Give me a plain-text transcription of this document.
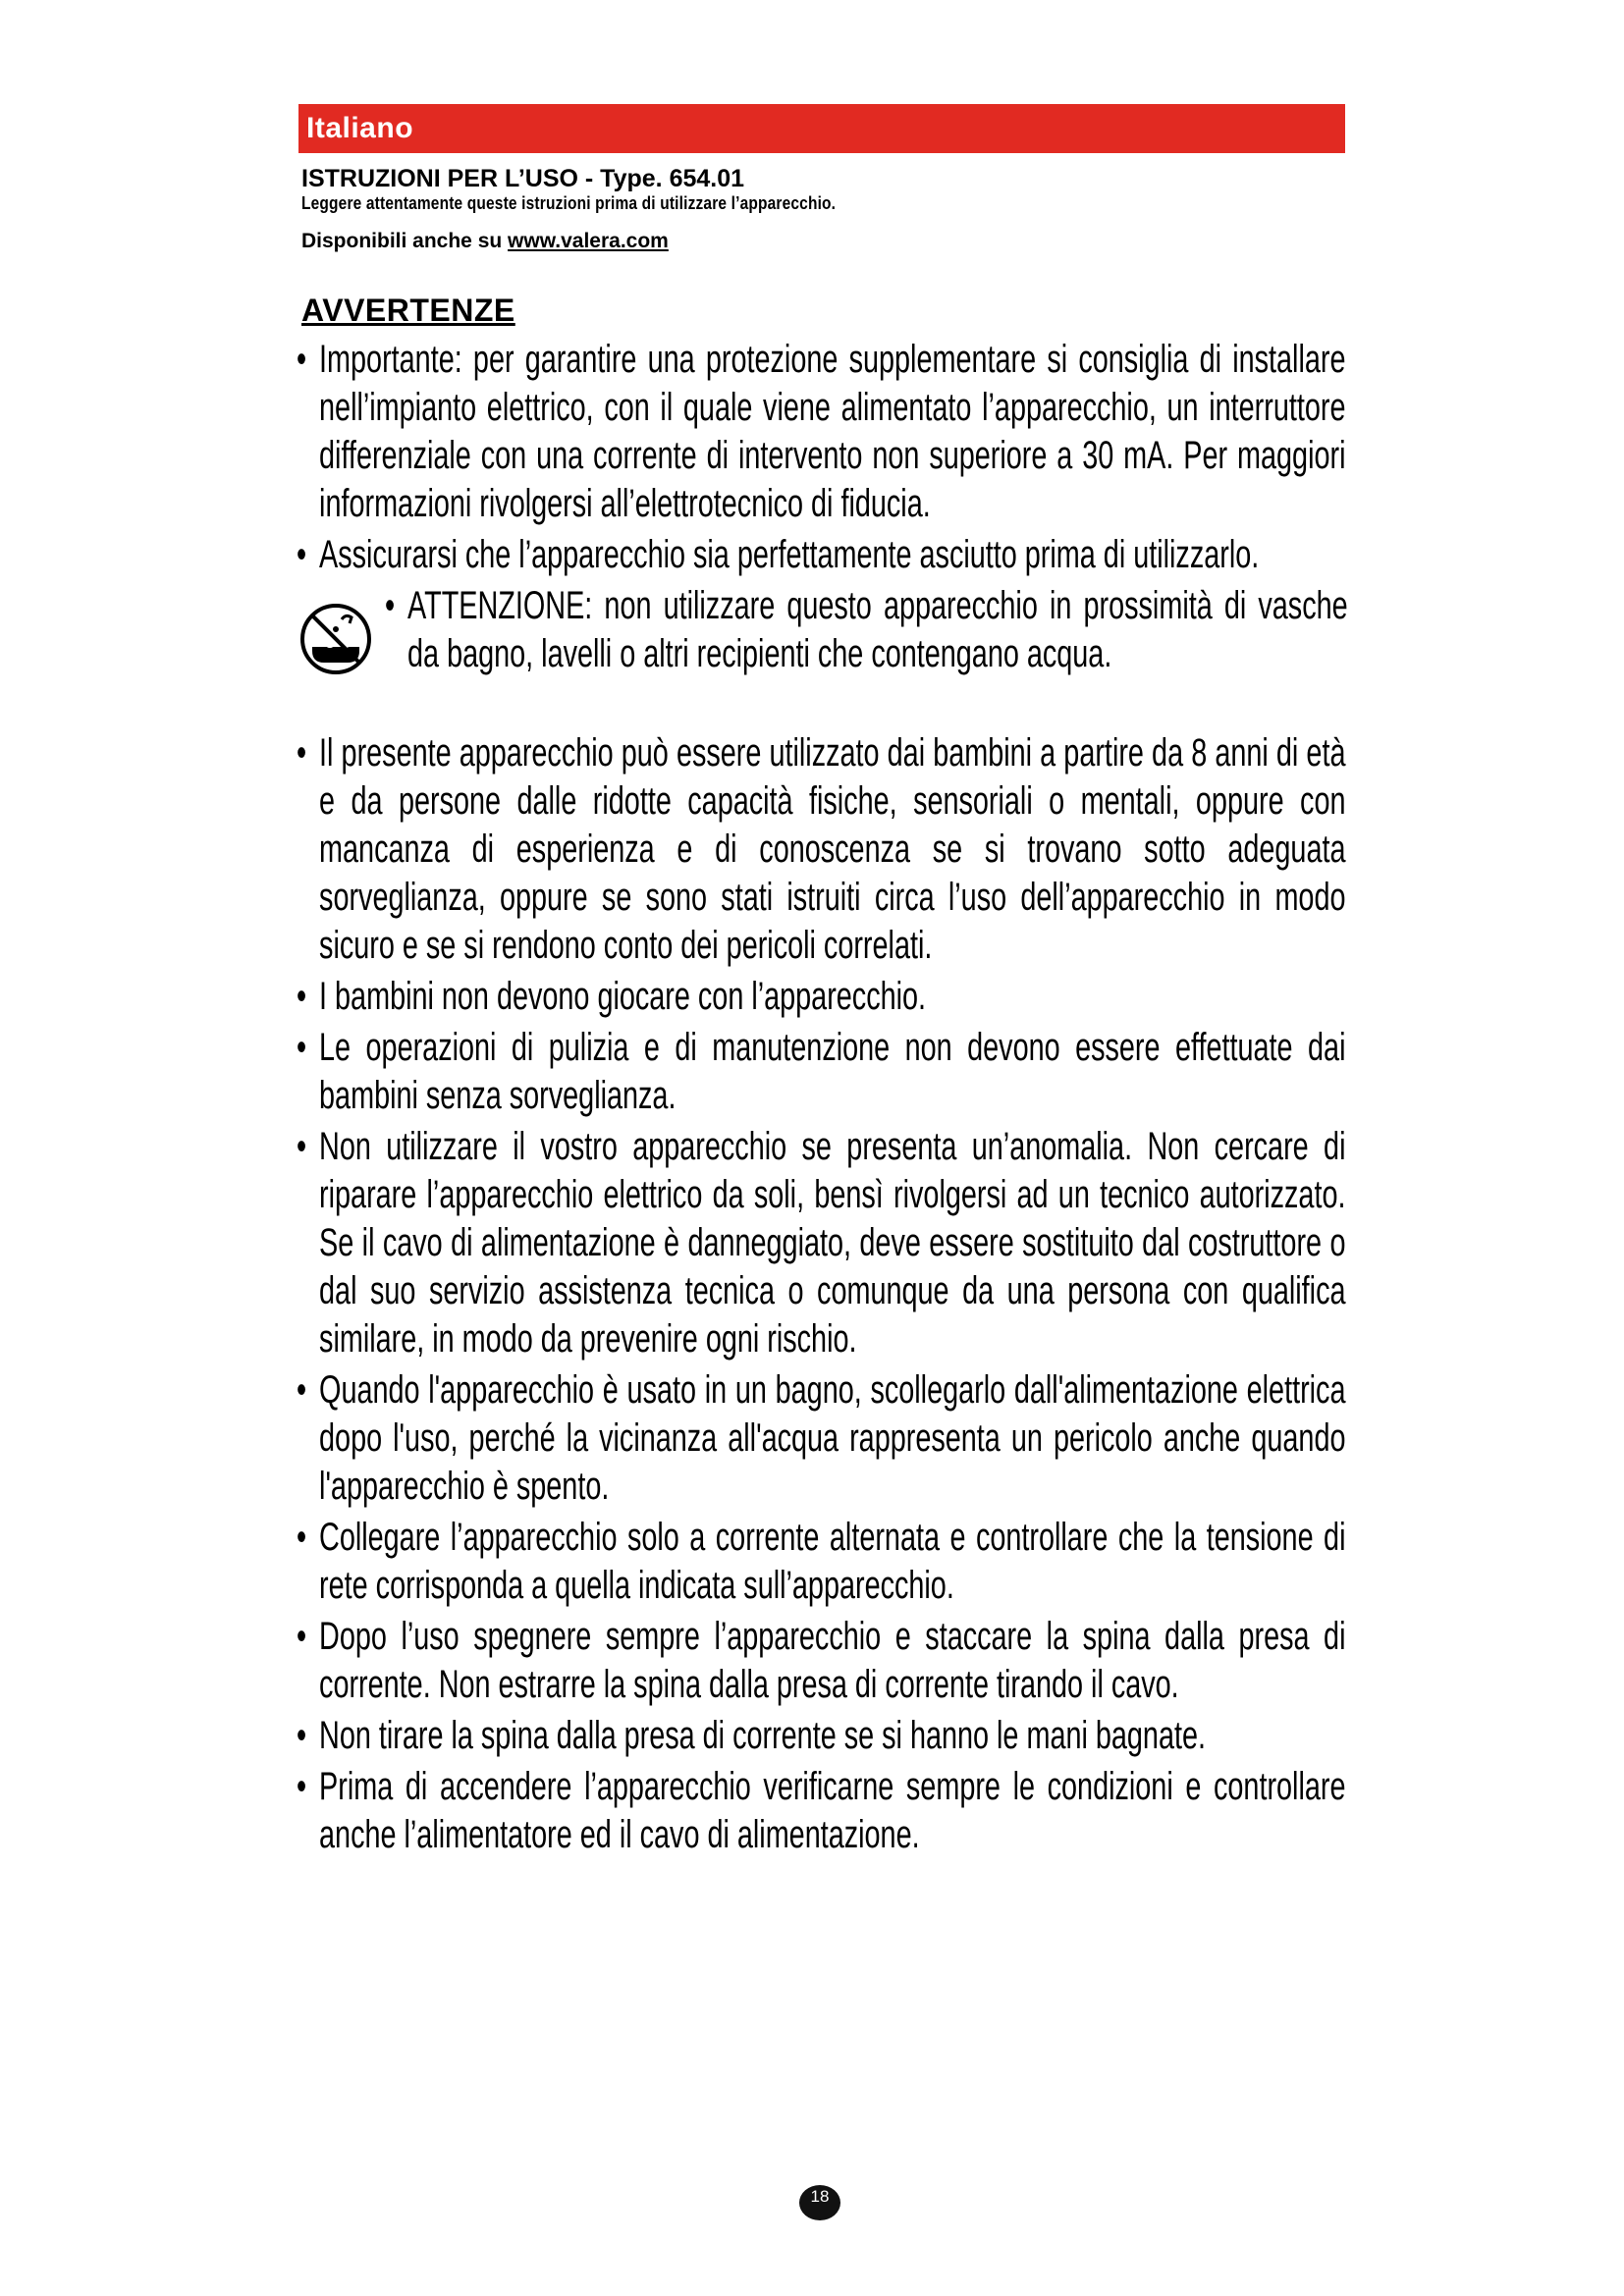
Italiano
ISTRUZIONI PER L’USO - Type. 654.01
Leggere attentamente queste istruzioni prima di utilizzare l’apparecchio.
Disponibili anche su www.valera.com
AVVERTENZE
• Importante: per garantire una protezione supplementare si consiglia di installare nell’impianto elettrico, con il quale viene alimentato l’apparecchio, un interruttore differenziale con una corrente di intervento non superiore a 30 mA. Per maggiori informazioni rivolgersi all’elettrotecnico di fiducia.
• Assicurarsi che l’apparecchio sia perfettamente asciutto prima di utilizzarlo.
• ATTENZIONE: non utilizzare questo apparecchio in prossimità di vasche da bagno, lavelli o altri recipienti che contengano acqua.
• Il presente apparecchio può essere utilizzato dai bambini a partire da 8 anni di età e da persone dalle ridotte capacità fisiche, sensoriali o mentali, oppure con mancanza di esperienza e di conoscenza se si trovano sotto adeguata sorveglianza, oppure se sono stati istruiti circa l’uso dell’apparecchio in modo sicuro e se si rendono conto dei pericoli correlati.
• I bambini non devono giocare con l’apparecchio.
• Le operazioni di pulizia e di manutenzione non devono essere effettuate dai bambini senza sorveglianza.
• Non utilizzare il vostro apparecchio se presenta un’anomalia. Non cercare di riparare l’apparecchio elettrico da soli, bensì rivolgersi ad un tecnico autorizzato. Se il cavo di alimentazione è danneggiato, deve essere sostituito dal costruttore o dal suo servizio assistenza tecnica o comunque da una persona con qualifica similare, in modo da prevenire ogni rischio.
• Quando l'apparecchio è usato in un bagno, scollegarlo dall'alimentazione elettrica dopo l'uso, perché la vicinanza all'acqua rappresenta un pericolo anche quando l'apparecchio è spento.
• Collegare l’apparecchio solo a corrente alternata e controllare che la tensione di rete corrisponda a quella indicata sull’apparecchio.
• Dopo l’uso spegnere sempre l’apparecchio e staccare la spina dalla presa di corrente. Non estrarre la spina dalla presa di corrente tirando il cavo.
• Non tirare la spina dalla presa di corrente se si hanno le mani bagnate.
• Prima di accendere l’apparecchio verificarne sempre le condizioni e controllare anche l’alimentatore ed il cavo di alimentazione.
18
